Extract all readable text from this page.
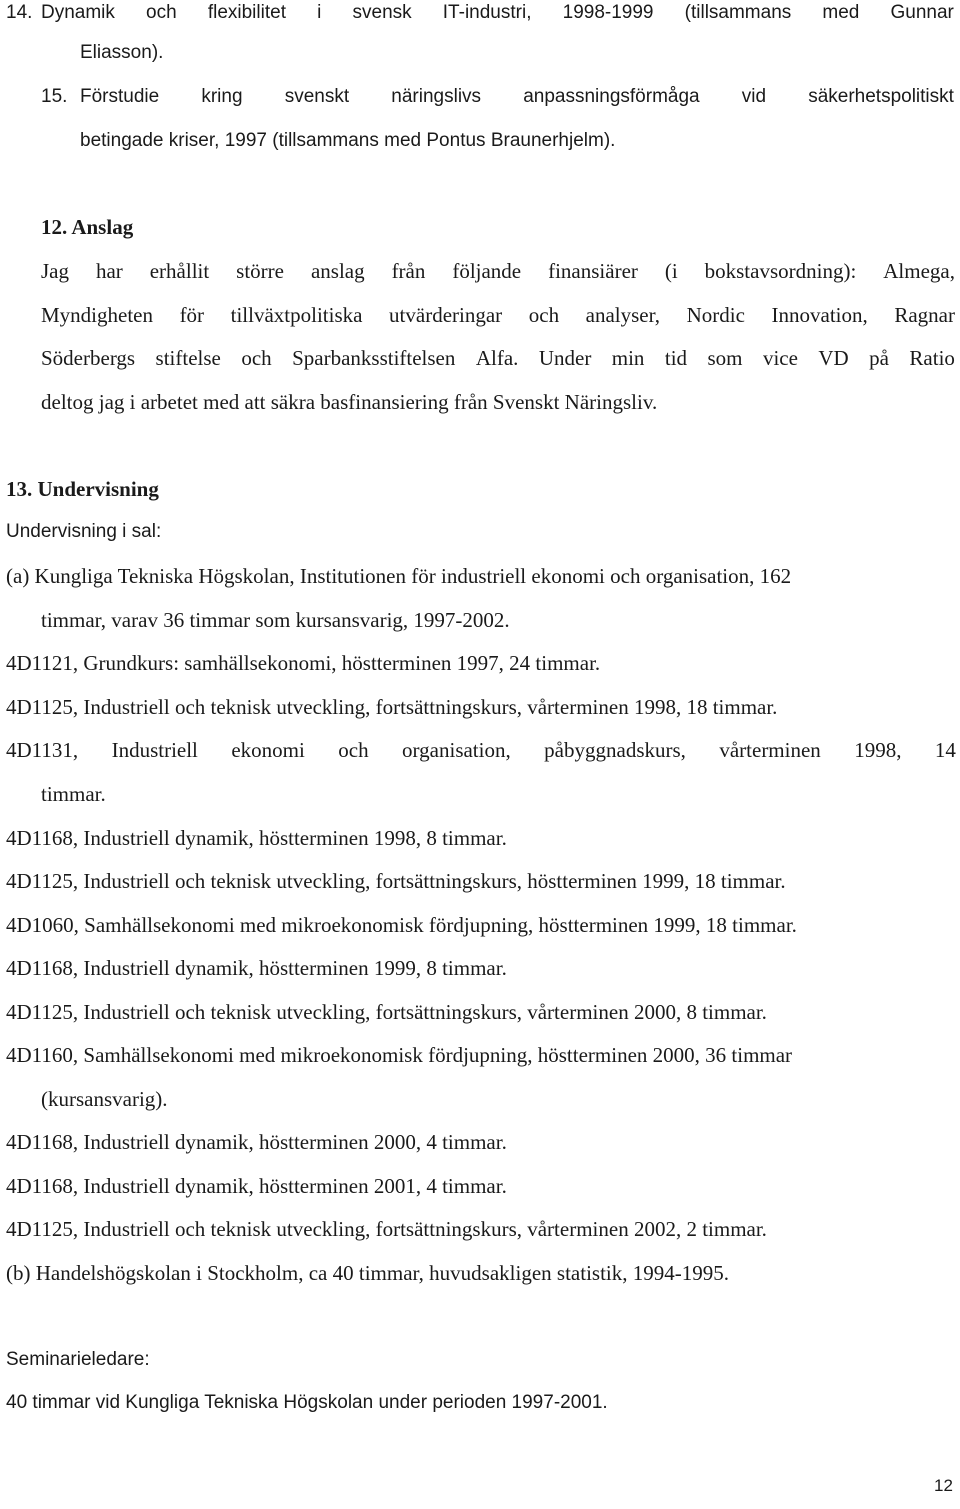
14. Dynamik och flexibilitet i svensk IT-industri, 1998-1999 (tillsammans med Gunnar
Eliasson).
15. Förstudie kring svenskt näringslivs anpassningsförmåga vid säkerhetspolitiskt
betingade kriser, 1997 (tillsammans med Pontus Braunerhjelm).
12. Anslag
Jag har erhållit större anslag från följande finansiärer (i bokstavsordning): Almega,
Myndigheten för tillväxtpolitiska utvärderingar och analyser, Nordic Innovation, Ragnar
Söderbergs stiftelse och Sparbanksstiftelsen Alfa. Under min tid som vice VD på Ratio
deltog jag i arbetet med att säkra basfinansiering från Svenskt Näringsliv.
13. Undervisning
Undervisning i sal:
(a) Kungliga Tekniska Högskolan, Institutionen för industriell ekonomi och organisation, 162
timmar, varav 36 timmar som kursansvarig, 1997-2002.
4D1121, Grundkurs: samhällsekonomi, höstterminen 1997, 24 timmar.
4D1125, Industriell och teknisk utveckling, fortsättningskurs, vårterminen 1998, 18 timmar.
4D1131, Industriell ekonomi och organisation, påbyggnadskurs, vårterminen 1998, 14
timmar.
4D1168, Industriell dynamik, höstterminen 1998, 8 timmar.
4D1125, Industriell och teknisk utveckling, fortsättningskurs, höstterminen 1999, 18 timmar.
4D1060, Samhällsekonomi med mikroekonomisk fördjupning, höstterminen 1999, 18 timmar.
4D1168, Industriell dynamik, höstterminen 1999, 8 timmar.
4D1125, Industriell och teknisk utveckling, fortsättningskurs, vårterminen 2000, 8 timmar.
4D1160, Samhällsekonomi med mikroekonomisk fördjupning, höstterminen 2000, 36 timmar
(kursansvarig).
4D1168, Industriell dynamik, höstterminen 2000, 4 timmar.
4D1168, Industriell dynamik, höstterminen 2001, 4 timmar.
4D1125, Industriell och teknisk utveckling, fortsättningskurs, vårterminen 2002, 2 timmar.
(b) Handelshögskolan i Stockholm, ca 40 timmar, huvudsakligen statistik, 1994-1995.
Seminarieledare:
40 timmar vid Kungliga Tekniska Högskolan under perioden 1997-2001.
12
